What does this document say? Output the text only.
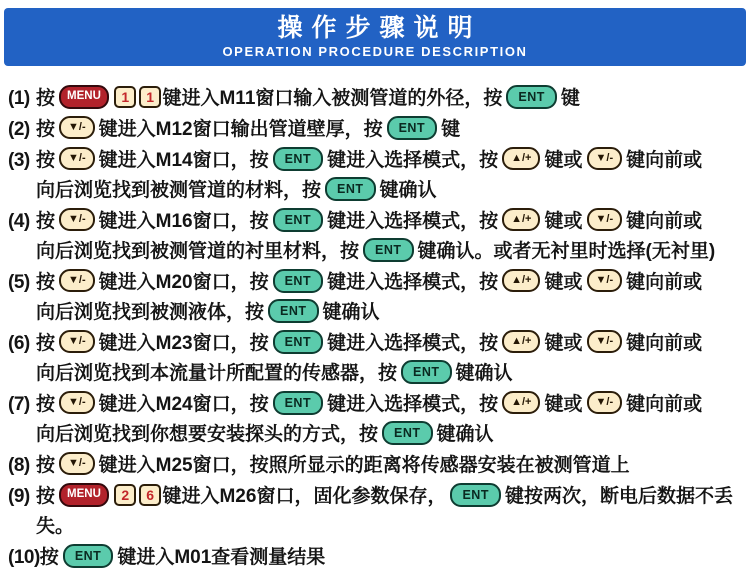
操作步骤说明
OPERATION PROCEDURE DESCRIPTION
(1) 按 MENU 1 1 键进入M11窗口输入被测管道的外径，按 ENT 键
(2) 按 ▼/- 键进入M12窗口输出管道壁厚，按 ENT 键
(3) 按 ▼/- 键进入M14窗口，按 ENT 键进入选择模式，按 ▲/+ 键或 ▼/- 键向前或
向后浏览找到被测管道的材料，按 ENT 键确认
(4) 按 ▼/- 键进入M16窗口，按 ENT 键进入选择模式，按 ▲/+ 键或 ▼/- 键向前或
向后浏览找到被测管道的衬里材料，按 ENT 键确认。或者无衬里时选择(无衬里)
(5) 按 ▼/- 键进入M20窗口，按 ENT 键进入选择模式，按 ▲/+ 键或 ▼/- 键向前或
向后浏览找到被测液体，按 ENT 键确认
(6) 按 ▼/- 键进入M23窗口，按 ENT 键进入选择模式，按 ▲/+ 键或 ▼/- 键向前或
向后浏览找到本流量计所配置的传感器，按 ENT 键确认
(7) 按 ▼/- 键进入M24窗口，按 ENT 键进入选择模式，按 ▲/+ 键或 ▼/- 键向前或
向后浏览找到你想要安装探头的方式，按 ENT 键确认
(8) 按 ▼/- 键进入M25窗口，按照所显示的距离将传感器安装在被测管道上
(9) 按 MENU 2 6 键进入M26窗口，固化参数保存， ENT 键按两次，断电后数据不丢失。
(10) 按 ENT 键进入M01查看测量结果
